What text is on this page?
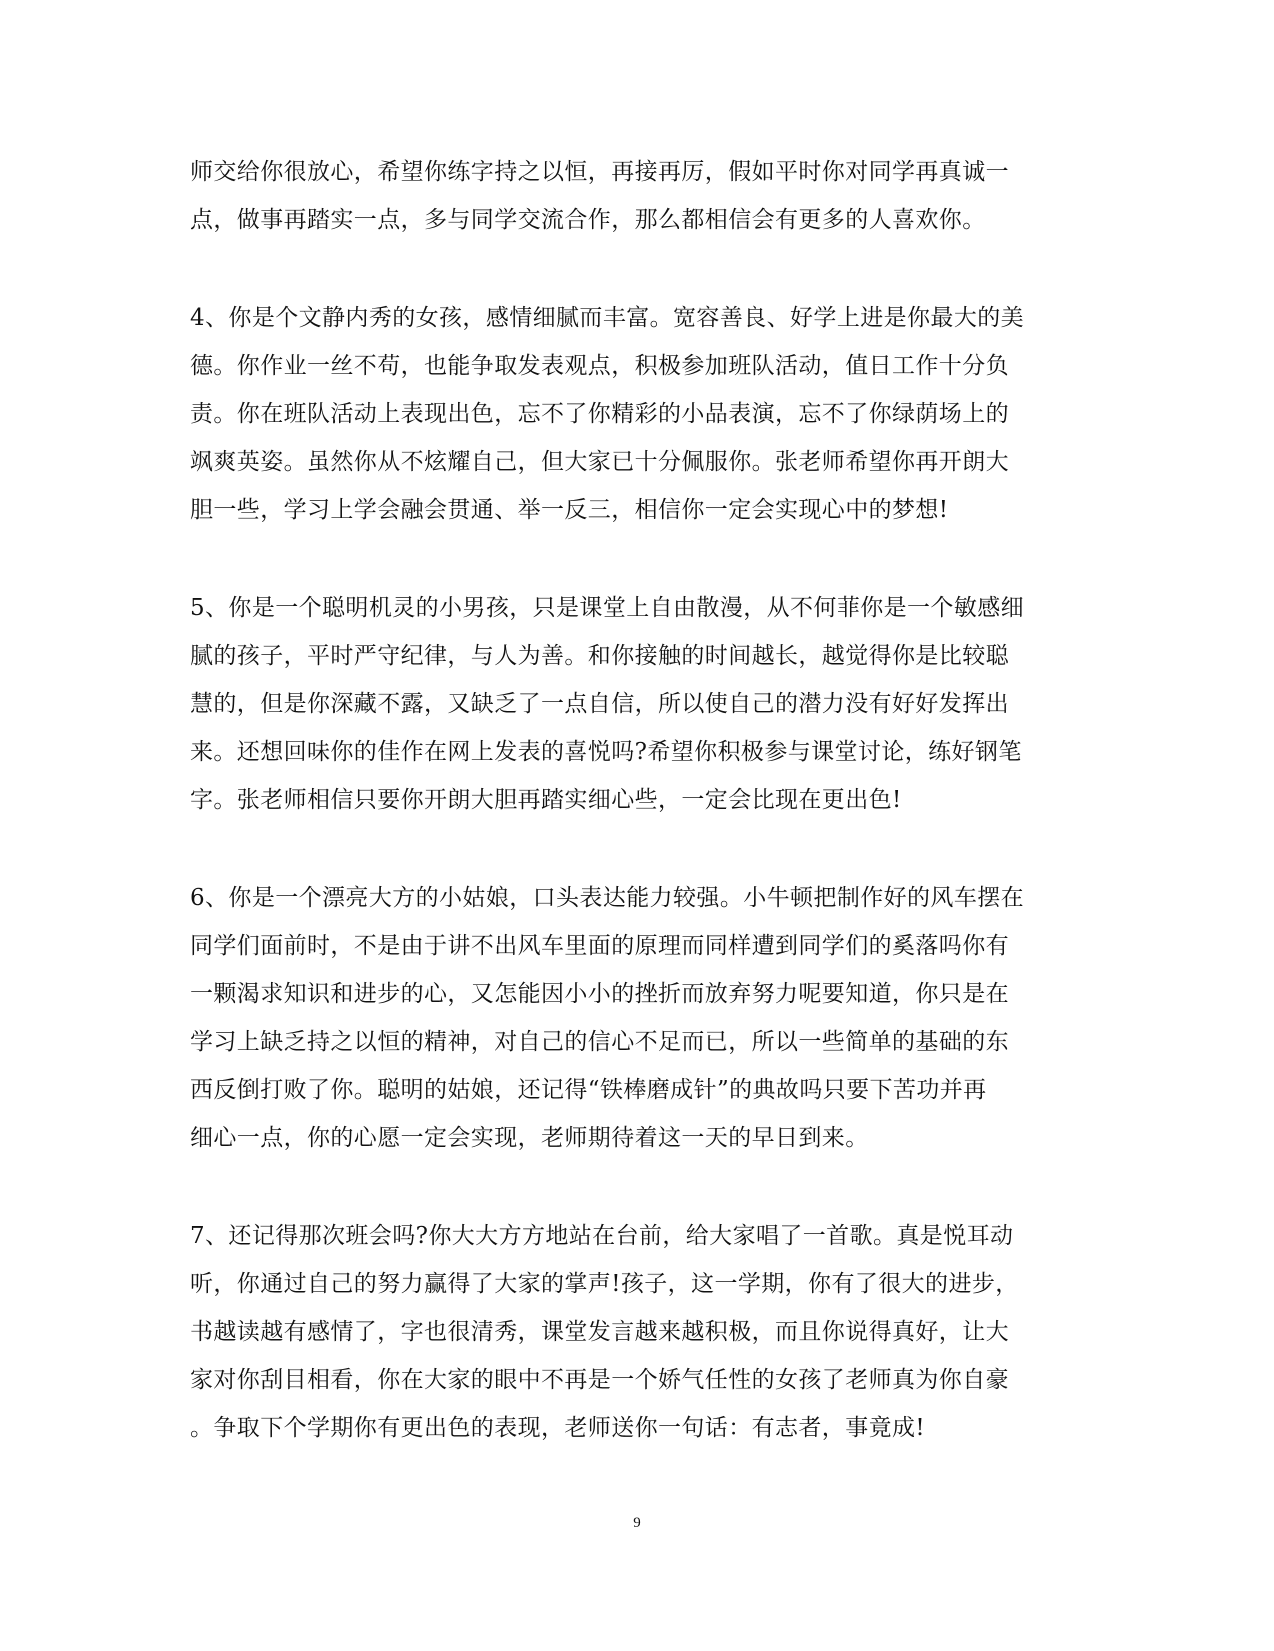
师交给你很放心，希望你练字持之以恒，再接再厉，假如平时你对同学再真诚一
点，做事再踏实一点，多与同学交流合作，那么都相信会有更多的人喜欢你。
4、你是个文静内秀的女孩，感情细腻而丰富。宽容善良、好学上进是你最大的美
德。你作业一丝不苟，也能争取发表观点，积极参加班队活动，值日工作十分负
责。你在班队活动上表现出色，忘不了你精彩的小品表演，忘不了你绿荫场上的
飒爽英姿。虽然你从不炫耀自己，但大家已十分佩服你。张老师希望你再开朗大
胆一些，学习上学会融会贯通、举一反三，相信你一定会实现心中的梦想!
5、你是一个聪明机灵的小男孩，只是课堂上自由散漫，从不何菲你是一个敏感细
腻的孩子，平时严守纪律，与人为善。和你接触的时间越长，越觉得你是比较聪
慧的，但是你深藏不露，又缺乏了一点自信，所以使自己的潜力没有好好发挥出
来。还想回味你的佳作在网上发表的喜悦吗?希望你积极参与课堂讨论，练好钢笔
字。张老师相信只要你开朗大胆再踏实细心些，一定会比现在更出色!
6、你是一个漂亮大方的小姑娘，口头表达能力较强。小牛顿把制作好的风车摆在
同学们面前时，不是由于讲不出风车里面的原理而同样遭到同学们的奚落吗你有
一颗渴求知识和进步的心，又怎能因小小的挫折而放弃努力呢要知道，你只是在
学习上缺乏持之以恒的精神，对自己的信心不足而已，所以一些简单的基础的东
西反倒打败了你。聪明的姑娘，还记得“铁棒磨成针”的典故吗只要下苦功并再
细心一点，你的心愿一定会实现，老师期待着这一天的早日到来。
7、还记得那次班会吗?你大大方方地站在台前，给大家唱了一首歌。真是悦耳动
听，你通过自己的努力赢得了大家的掌声!孩子，这一学期，你有了很大的进步，
书越读越有感情了，字也很清秀，课堂发言越来越积极，而且你说得真好，让大
家对你刮目相看，你在大家的眼中不再是一个娇气任性的女孩了老师真为你自豪
。争取下个学期你有更出色的表现，老师送你一句话：有志者，事竟成!
9
